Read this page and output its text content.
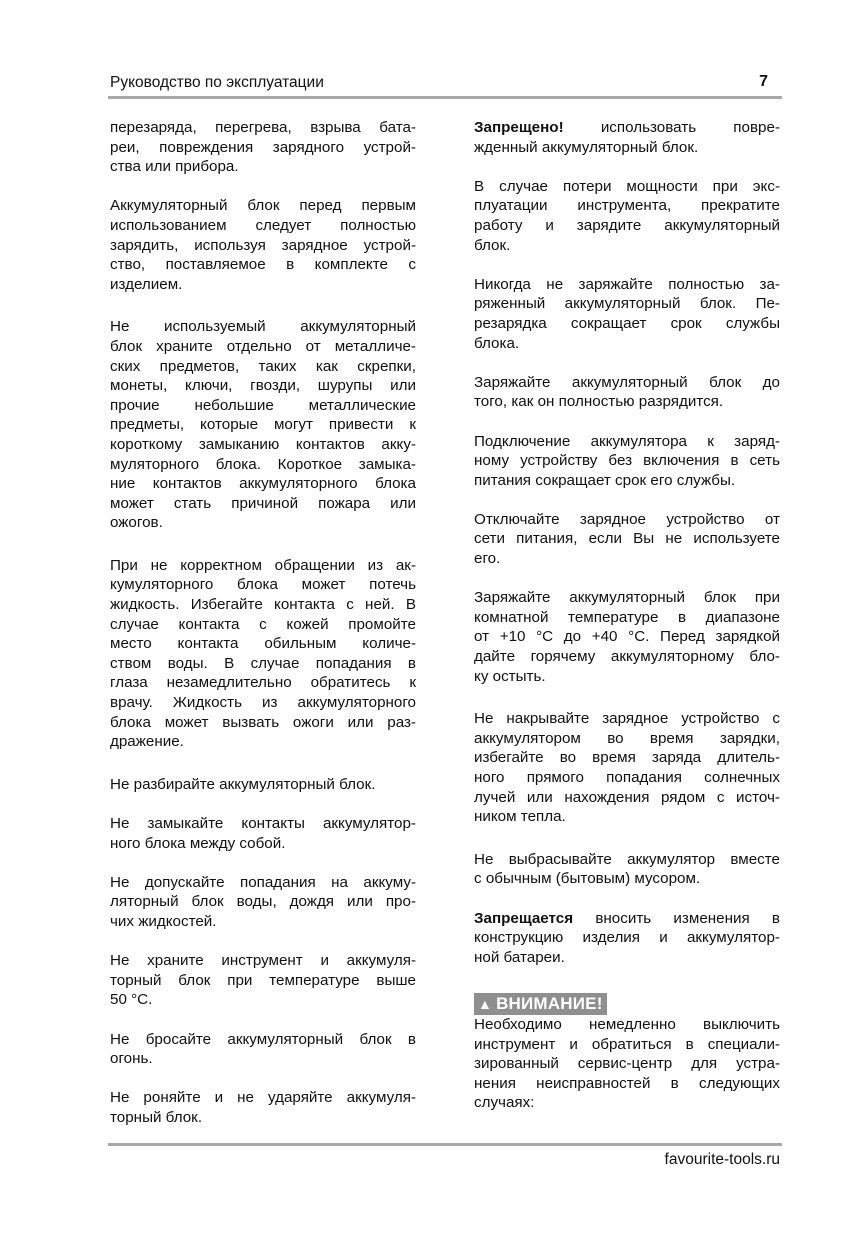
Руководство по эксплуатации	7
перезаряда, перегрева, взрыва бата-
реи, повреждения зарядного устрой-
ства или прибора.
Аккумуляторный блок перед первым
использованием следует полностью
зарядить, используя зарядное устрой-
ство, поставляемое в комплекте с
изделием.
Не используемый аккумуляторный
блок храните отдельно от металличе-
ских предметов, таких как скрепки,
монеты, ключи, гвозди, шурупы или
прочие небольшие металлические
предметы, которые могут привести к
короткому замыканию контактов акку-
муляторного блока. Короткое замыка-
ние контактов аккумуляторного блока
может стать причиной пожара или
ожогов.
При не корректном обращении из ак-
кумуляторного блока может потечь
жидкость. Избегайте контакта с ней. В
случае контакта с кожей промойте
место контакта обильным количе-
ством воды. В случае попадания в
глаза незамедлительно обратитесь к
врачу. Жидкость из аккумуляторного
блока может вызвать ожоги или раз-
дражение.
Не разбирайте аккумуляторный блок.
Не замыкайте контакты аккумулятор-
ного блока между собой.
Не допускайте попадания на аккуму-
ляторный блок воды, дождя или про-
чих жидкостей.
Не храните инструмент и аккумуля-
торный блок при температуре выше
50 °C.
Не бросайте аккумуляторный блок в
огонь.
Не роняйте и не ударяйте аккумуля-
торный блок.
Запрещено! использовать повре-
жденный аккумуляторный блок.
В случае потери мощности при экс-
плуатации инструмента, прекратите
работу и зарядите аккумуляторный
блок.
Никогда не заряжайте полностью за-
ряженный аккумуляторный блок. Пе-
резарядка сокращает срок службы
блока.
Заряжайте аккумуляторный блок до
того, как он полностью разрядится.
Подключение аккумулятора к заряд-
ному устройству без включения в сеть
питания сокращает срок его службы.
Отключайте зарядное устройство от
сети питания, если Вы не используете
его.
Заряжайте аккумуляторный блок при
комнатной температуре в диапазоне
от +10 °C до +40 °C. Перед зарядкой
дайте горячему аккумуляторному бло-
ку остыть.
Не накрывайте зарядное устройство с
аккумулятором во время зарядки,
избегайте во время заряда длитель-
ного прямого попадания солнечных
лучей или нахождения рядом с источ-
ником тепла.
Не выбрасывайте аккумулятор вместе
с обычным (бытовым) мусором.
Запрещается вносить изменения в
конструкцию изделия и аккумулятор-
ной батареи.
▲ ВНИМАНИЕ!
Необходимо немедленно выключить
инструмент и обратиться в специали-
зированный сервис-центр для устра-
нения неисправностей в следующих
случаях:
favourite-tools.ru
